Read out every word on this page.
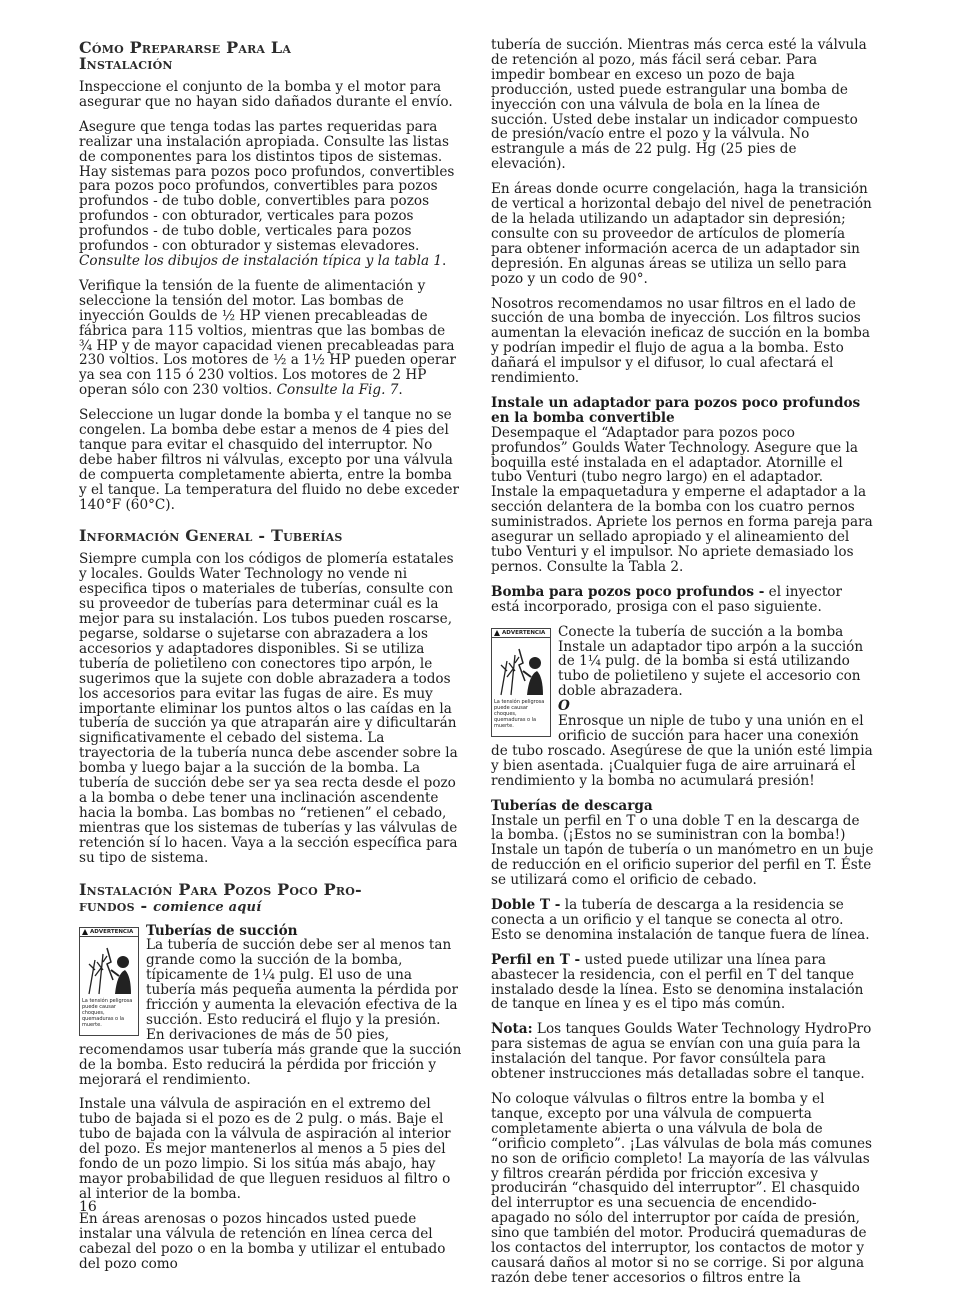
Cómo Prepararse Para La
Instalación

Inspeccione el conjunto de la bomba y el motor para asegurar que no hayan sido dañados durante el envío.

Asegure que tenga todas las partes requeridas para realizar una instalación apropiada. Consulte las listas de componentes para los distintos tipos de sistemas. Hay sistemas para pozos poco profundos, convertibles para pozos poco profundos, convertibles para pozos profundos - de tubo doble, convertibles para pozos profundos - con obturador, verticales para pozos profundos - de tubo doble, verticales para pozos profundos - con obturador y sistemas elevadores. Consulte los dibujos de instalación típica y la tabla 1.

Verifique la tensión de la fuente de alimentación y seleccione la tensión del motor. Las bombas de inyección Goulds de ½ HP vienen precableadas de fábrica para 115 voltios, mientras que las bombas de ¾ HP y de mayor capacidad vienen precableadas para 230 voltios. Los motores de ½ a 1½ HP pueden operar ya sea con 115 ó 230 voltios. Los motores de 2 HP operan sólo con 230 voltios. Consulte la Fig. 7.

Seleccione un lugar donde la bomba y el tanque no se congelen. La bomba debe estar a menos de 4 pies del tanque para evitar el chasquido del interruptor. No debe haber filtros ni válvulas, excepto por una válvula de compuerta completamente abierta, entre la bomba y el tanque. La temperatura del fluido no debe exceder 140°F (60°C).

Información General - Tuberías

Siempre cumpla con los códigos de plomería estatales y locales. Goulds Water Technology no vende ni especifica tipos o materiales de tuberías, consulte con su proveedor de tuberías para determinar cuál es la mejor para su instalación. Los tubos pueden roscarse, pegarse, soldarse o sujetarse con abrazadera a los accesorios y adaptadores disponibles. Si se utiliza tubería de polietileno con conectores tipo arpón, le sugerimos que la sujete con doble abrazadera a todos los accesorios para evitar las fugas de aire. Es muy importante eliminar los puntos altos o las caídas en la tubería de succión ya que atraparán aire y dificultarán significativamente el cebado del sistema. La trayectoria de la tubería nunca debe ascender sobre la bomba y luego bajar a la succión de la bomba. La tubería de succión debe ser ya sea recta desde el pozo a la bomba o debe tener una inclinación ascendente hacia la bomba. Las bombas no “retienen” el cebado, mientras que los sistemas de tuberías y las válvulas de retención sí lo hacen. Vaya a la sección específica para su tipo de sistema.

Instalación Para Pozos Poco Pro-
fundos - comience aquí
ADVERTENCIA
La tensión peligrosa puede causar choques, quemaduras o la muerte.
Tuberías de succión

La tubería de succión debe ser al menos tan grande como la succión de la bomba, típicamente de 1¼ pulg. El uso de una tubería más pequeña aumenta la pérdida por fricción y aumenta la elevación efectiva de la succión. Esto reducirá el flujo y la presión. En derivaciones de más de 50 pies, recomendamos usar tubería más grande que la succión de la bomba. Esto reducirá la pérdida por fricción y mejorará el rendimiento.

Instale una válvula de aspiración en el extremo del tubo de bajada si el pozo es de 2 pulg. o más. Baje el tubo de bajada con la válvula de aspiración al interior del pozo. Es mejor mantenerlos al menos a 5 pies del fondo de un pozo limpio. Si los sitúa más abajo, hay mayor probabilidad de que lleguen residuos al filtro o al interior de la bomba.

En áreas arenosas o pozos hincados usted puede instalar una válvula de retención en línea cerca del cabezal del pozo o en la bomba y utilizar el entubado del pozo como

tubería de succión. Mientras más cerca esté la válvula de retención al pozo, más fácil será cebar. Para impedir bombear en exceso un pozo de baja producción, usted puede estrangular una bomba de inyección con una válvula de bola en la línea de succión. Usted debe instalar un indicador compuesto de presión/vacío entre el pozo y la válvula. No estrangule a más de 22 pulg. Hg (25 pies de elevación).

En áreas donde ocurre congelación, haga la transición de vertical a horizontal debajo del nivel de penetración de la helada utilizando un adaptador sin depresión; consulte con su proveedor de artículos de plomería para obtener información acerca de un adaptador sin depresión. En algunas áreas se utiliza un sello para pozo y un codo de 90°.

Nosotros recomendamos no usar filtros en el lado de succión de una bomba de inyección. Los filtros sucios aumentan la elevación ineficaz de succión en la bomba y podrían impedir el flujo de agua a la bomba. Esto dañará el impulsor y el difusor, lo cual afectará el rendimiento.

Instale un adaptador para pozos poco profundos en la bomba convertible

Desempaque el “Adaptador para pozos poco profundos” Goulds Water Technology. Asegure que la boquilla esté instalada en el adaptador. Atornille el tubo Venturi (tubo negro largo) en el adaptador. Instale la empaquetadura y emperne el adaptador a la sección delantera de la bomba con los cuatro pernos suministrados. Apriete los pernos en forma pareja para asegurar un sellado apropiado y el alineamiento del tubo Venturi y el impulsor. No apriete demasiado los pernos. Consulte la Tabla 2.

Bomba para pozos poco profundos - el inyector está incorporado, prosiga con el paso siguiente.

ADVERTENCIA
La tensión peligrosa puede causar choques, quemaduras o la muerte.

Conecte la tubería de succión a la bomba Instale un adaptador tipo arpón a la succión de 1¼ pulg. de la bomba si está utilizando tubo de polietileno y sujete el accesorio con doble abrazadera.

O

Enrosque un niple de tubo y una unión en el orificio de succión para hacer una conexión de tubo roscado. Asegúrese de que la unión esté limpia y bien asentada. ¡Cualquier fuga de aire arruinará el rendimiento y la bomba no acumulará presión!

Tuberías de descarga

Instale un perfil en T o una doble T en la descarga de la bomba. (¡Estos no se suministran con la bomba!) Instale un tapón de tubería o un manómetro en un buje de reducción en el orificio superior del perfil en T. Éste se utilizará como el orificio de cebado.

Doble T - la tubería de descarga a la residencia se conecta a un orificio y el tanque se conecta al otro. Esto se denomina instalación de tanque fuera de línea.

Perfil en T - usted puede utilizar una línea para abastecer la residencia, con el perfil en T del tanque instalado desde la línea. Esto se denomina instalación de tanque en línea y es el tipo más común.

Nota: Los tanques Goulds Water Technology HydroPro para sistemas de agua se envían con una guía para la instalación del tanque. Por favor consúltela para obtener instrucciones más detalladas sobre el tanque.

No coloque válvulas o filtros entre la bomba y el tanque, excepto por una válvula de compuerta completamente abierta o una válvula de bola de “orificio completo”. ¡Las válvulas de bola más comunes no son de orificio completo! La mayoría de las válvulas y filtros crearán pérdida por fricción excesiva y producirán “chasquido del interruptor”. El chasquido del interruptor es una secuencia de encendido-apagado no sólo del interruptor por caída de presión, sino que también del motor. Producirá quemaduras de los contactos del interruptor, los contactos de motor y causará daños al motor si no se corrige. Si por alguna razón debe tener accesorios o filtros entre la

16
